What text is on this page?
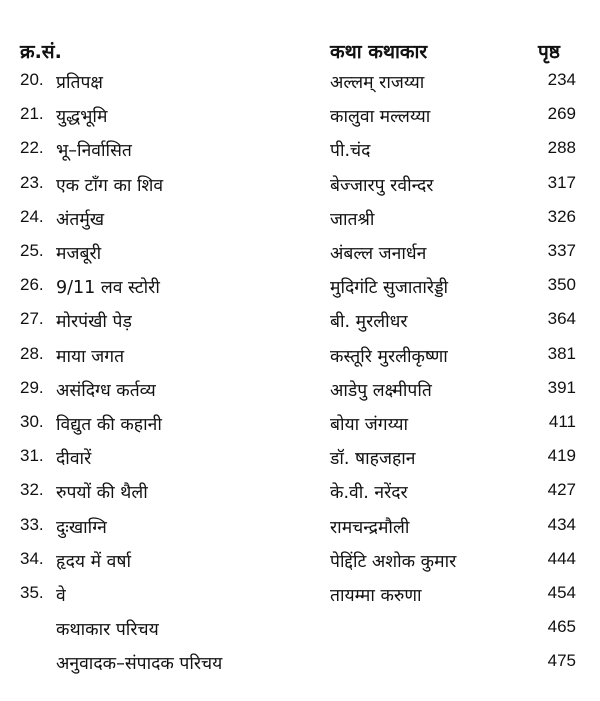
क्र.सं.	कथा कथाकार	पृष्ठ
20. प्रतिपक्ष	अल्लम् राजय्या	234
21. युद्धभूमि	कालुवा मल्लय्या	269
22. भू–निर्वासित	पी.चंद	288
23. एक टाँग का शिव	बेज्जारपु रवीन्दर	317
24. अंतर्मुख	जातश्री	326
25. मजबूरी	अंबल्ल जनार्धन	337
26. 9/11 लव स्टोरी	मुदिगंटि सुजातारेड्डी	350
27. मोरपंखी पेड़	बी. मुरलीधर	364
28. माया जगत	कस्तूरि मुरलीकृष्णा	381
29. असंदिग्ध कर्तव्य	आडेपु लक्ष्मीपति	391
30. विद्युत की कहानी	बोया जंगय्या	411
31. दीवारें	डॉ. षाहजहान	419
32. रुपयों की थैली	के.वी. नरेंदर	427
33. दुःखाग्नि	रामचन्द्रमौली	434
34. हृदय में वर्षा	पेद्दिंटि अशोक कुमार	444
35. वे	तायम्मा करुणा	454
कथाकार परिचय	465
अनुवादक–संपादक परिचय	475
